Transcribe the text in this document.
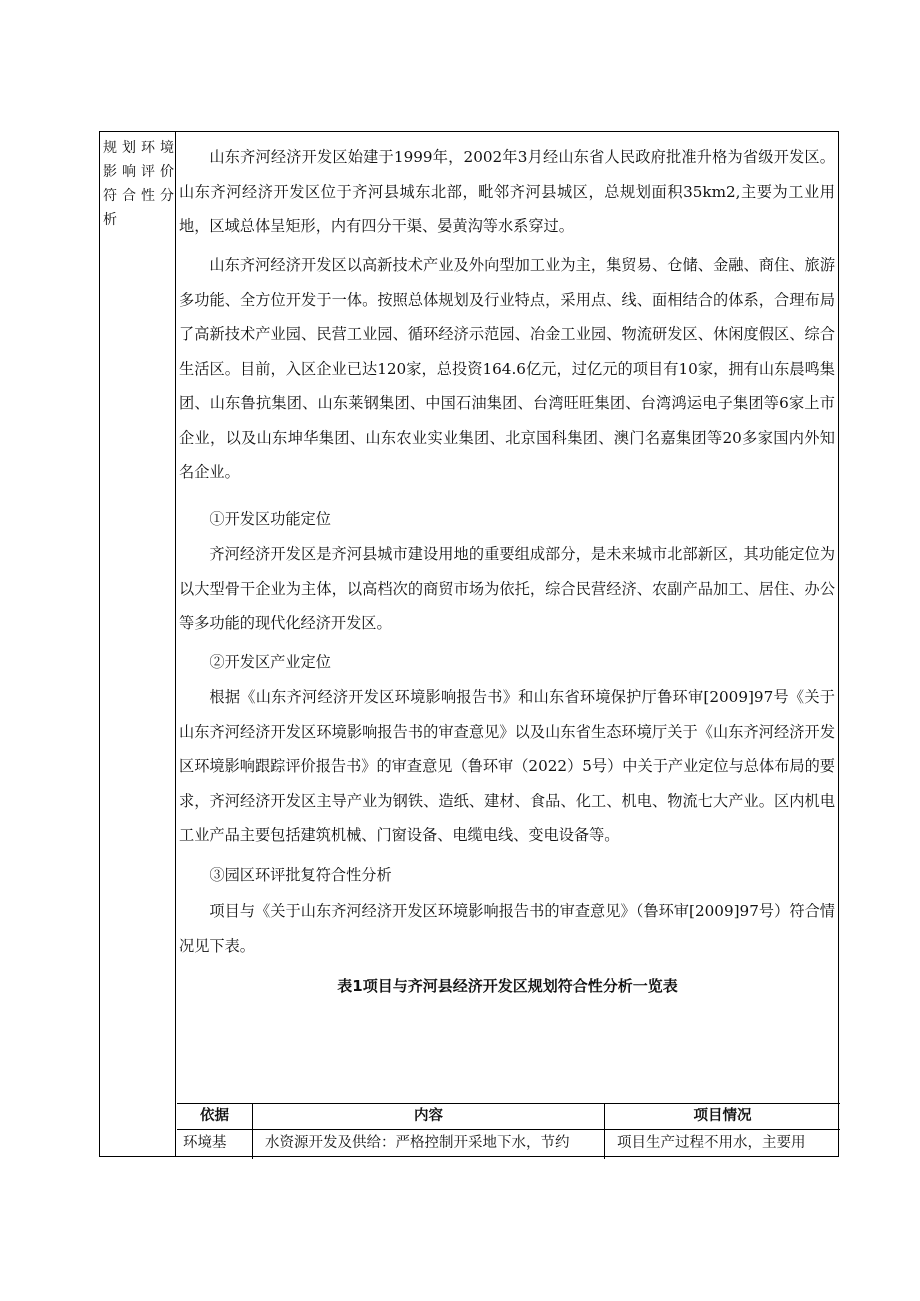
规划环境影响评价符合性分析

山东齐河经济开发区始建于1999年，2002年3月经山东省人民政府批准升格为省级开发区。山东齐河经济开发区位于齐河县城东北部，毗邻齐河县城区，总规划面积35km2,主要为工业用地，区域总体呈矩形，内有四分干渠、晏黄沟等水系穿过。

山东齐河经济开发区以高新技术产业及外向型加工业为主，集贸易、仓储、金融、商住、旅游多功能、全方位开发于一体。按照总体规划及行业特点，采用点、线、面相结合的体系，合理布局了高新技术产业园、民营工业园、循环经济示范园、冶金工业园、物流研发区、休闲度假区、综合生活区。目前，入区企业已达120家，总投资164.6亿元，过亿元的项目有10家，拥有山东晨鸣集团、山东鲁抗集团、山东莱钢集团、中国石油集团、台湾旺旺集团、台湾鸿运电子集团等6家上市企业，以及山东坤华集团、山东农业实业集团、北京国科集团、澳门名嘉集团等20多家国内外知名企业。

①开发区功能定位

齐河经济开发区是齐河县城市建设用地的重要组成部分，是未来城市北部新区，其功能定位为以大型骨干企业为主体，以高档次的商贸市场为依托，综合民营经济、农副产品加工、居住、办公等多功能的现代化经济开发区。

②开发区产业定位

根据《山东齐河经济开发区环境影响报告书》和山东省环境保护厅鲁环审[2009]97号《关于山东齐河经济开发区环境影响报告书的审查意见》以及山东省生态环境厅关于《山东齐河经济开发区环境影响跟踪评价报告书》的审查意见（鲁环审（2022）5号）中关于产业定位与总体布局的要求，齐河经济开发区主导产业为钢铁、造纸、建材、食品、化工、机电、物流七大产业。区内机电工业产品主要包括建筑机械、门窗设备、电缆电线、变电设备等。

③园区环评批复符合性分析

项目与《关于山东齐河经济开发区环境影响报告书的审查意见》（鲁环审[2009]97号）符合情况见下表。

表1项目与齐河县经济开发区规划符合性分析一览表
依据	内容	项目情况
环境基	水资源开发及供给：严格控制开采地下水，节约	项目生产过程不用水，主要用
